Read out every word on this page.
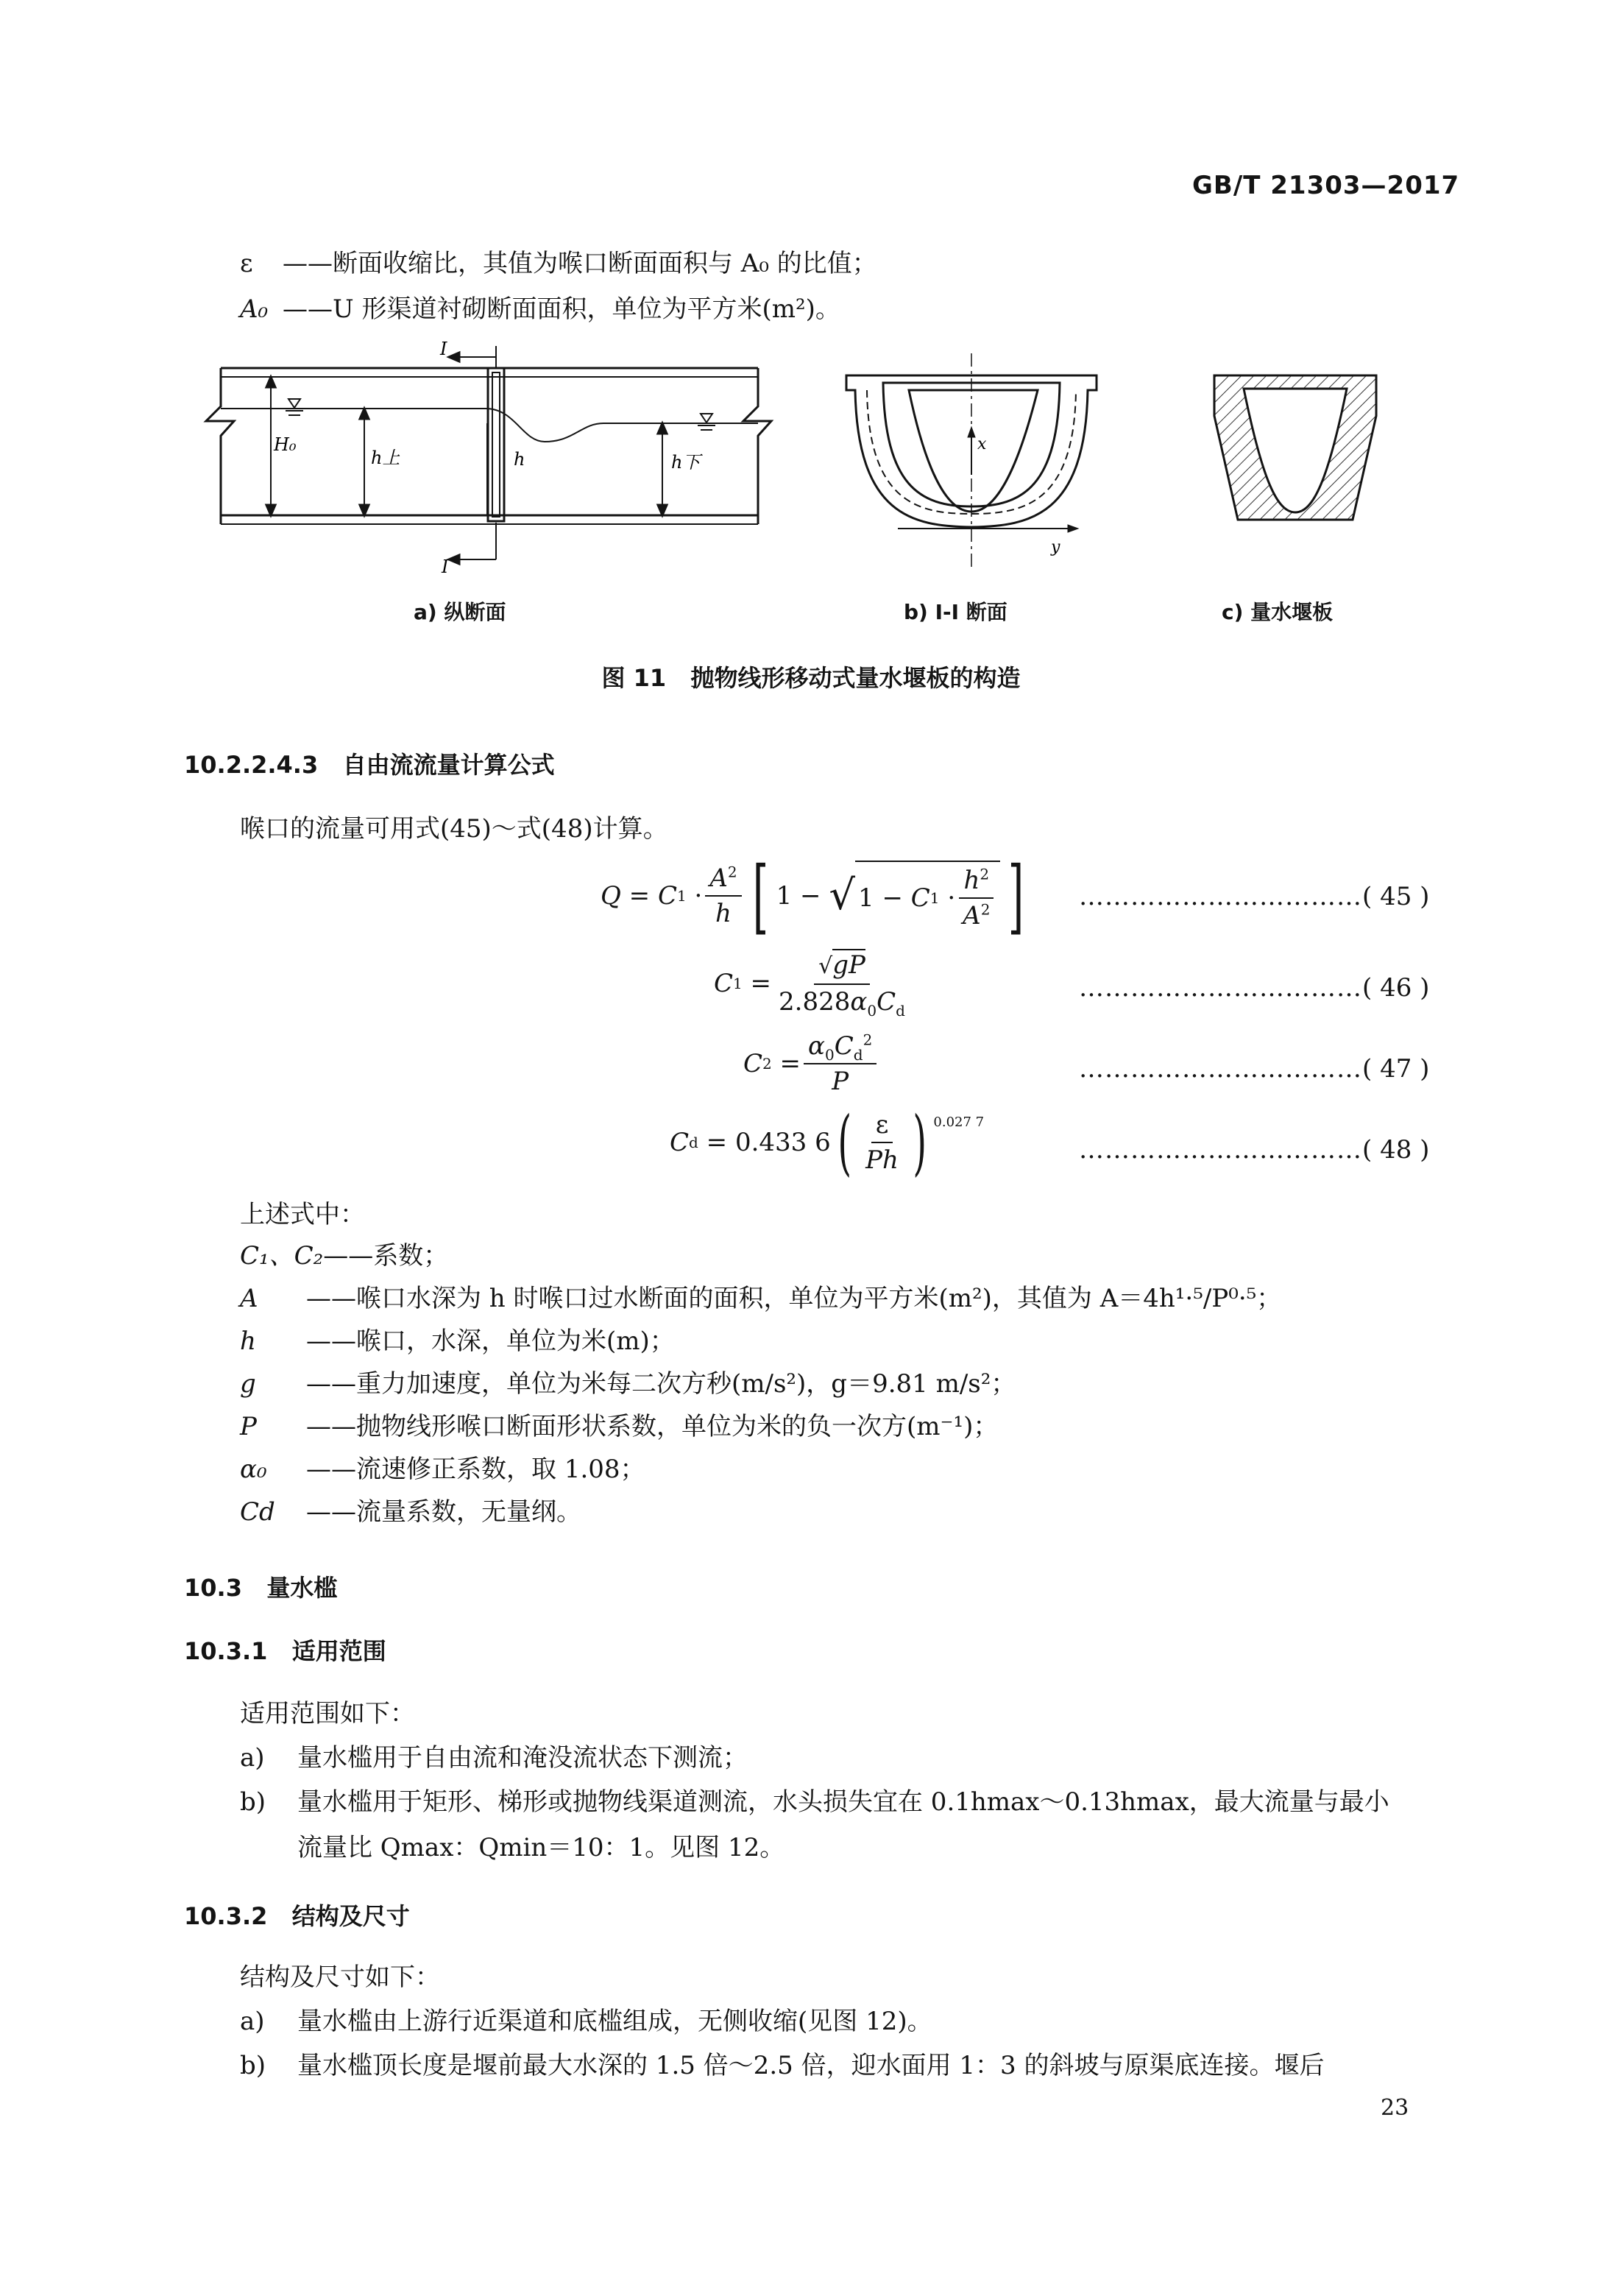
GB/T 21303—2017
ε ——断面收缩比，其值为喉口断面面积与 A₀ 的比值；
A₀ ——U 形渠道衬砌断面面积，单位为平方米(m²)。
I
I
H₀
h上	h	h下
x
y
a) 纵断面	b) I-I 断面	c) 量水堰板
图 11   抛物线形移动式量水堰板的构造
10.2.2.4.3   自由流流量计算公式
喉口的流量可用式(45)～式(48)计算。
Q = C $1 \cdot \frac{A^2}{h}$ [ 1 − √ 1 − C $1 \cdot \frac{h^2}{A^2}$ ] ……………………………( 45 )
C $1 = \frac{√gP}{2.828\alpha_0C_d}$	……………………………( 46 )
C $2 = \frac{\alpha_0C_d^2}{P}$	……………………………( 47 )
C d = 0.433 6 ( $\frac{\varepsilon}{Ph}$ ) 0.027 7
……………………………( 48 )
上述式中：
C₁、C₂——系数；
A ——喉口水深为 h 时喉口过水断面的面积，单位为平方米(m²)，其值为 A＝4h¹·⁵/P⁰·⁵；
h ——喉口，水深，单位为米(m)；
g ——重力加速度，单位为米每二次方秒(m/s²)，g＝9.81 m/s²；
P ——抛物线形喉口断面形状系数，单位为米的负一次方(m⁻¹)；
α₀ ——流速修正系数，取 1.08；
Cd ——流量系数，无量纲。
10.3   量水槛
10.3.1   适用范围
适用范围如下：
a) 量水槛用于自由流和淹没流状态下测流；
b) 量水槛用于矩形、梯形或抛物线渠道测流，水头损失宜在 0.1hmax～0.13hmax，最大流量与最小
流量比 Qmax：Qmin＝10：1。见图 12。
10.3.2   结构及尺寸
结构及尺寸如下：
a) 量水槛由上游行近渠道和底槛组成，无侧收缩(见图 12)。
b) 量水槛顶长度是堰前最大水深的 1.5 倍～2.5 倍，迎水面用 1：3 的斜坡与原渠底连接。堰后
23
